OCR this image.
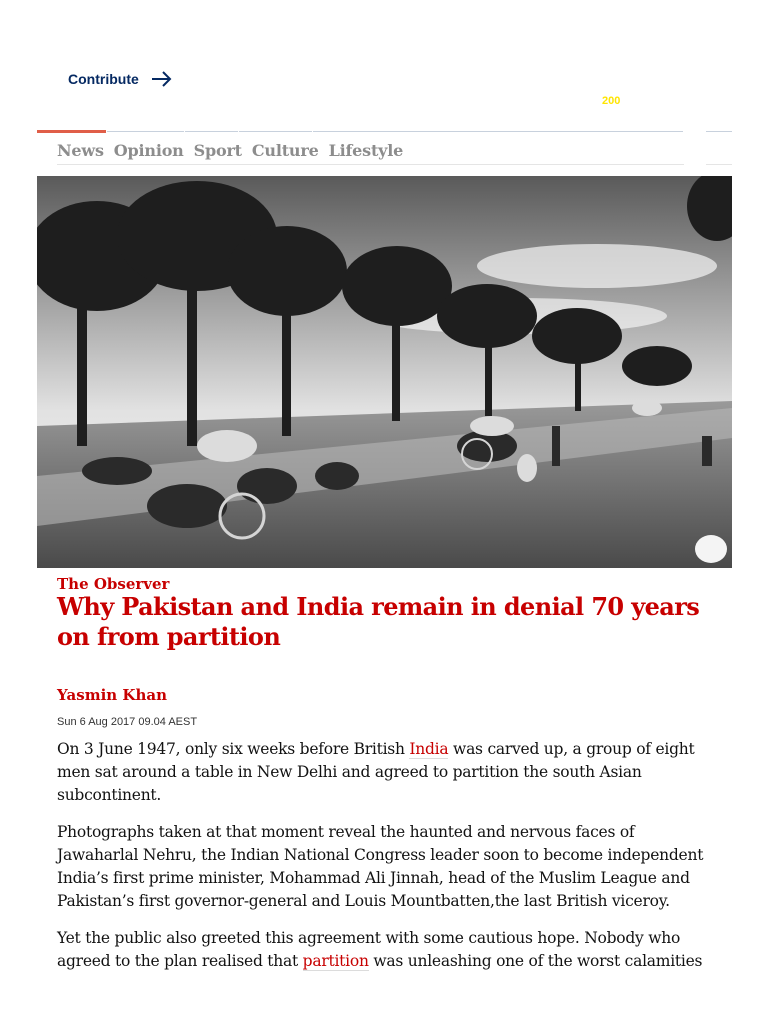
Contribute
200
News Opinion Sport Culture Lifestyle
The Observer
Why Pakistan and India remain in denial 70 years on from partition
Yasmin Khan
Sun 6 Aug 2017 09.04 AEST

On 3 June 1947, only six weeks before British India was carved up, a group of eight men sat around a table in New Delhi and agreed to partition the south Asian subcontinent.

Photographs taken at that moment reveal the haunted and nervous faces of Jawaharlal Nehru, the Indian National Congress leader soon to become independent India’s first prime minister, Mohammad Ali Jinnah, head of the Muslim League and Pakistan’s first governor-general and Louis Mountbatten,the last British viceroy.

Yet the public also greeted this agreement with some cautious hope. Nobody who agreed to the plan realised that partition was unleashing one of the worst calamities
